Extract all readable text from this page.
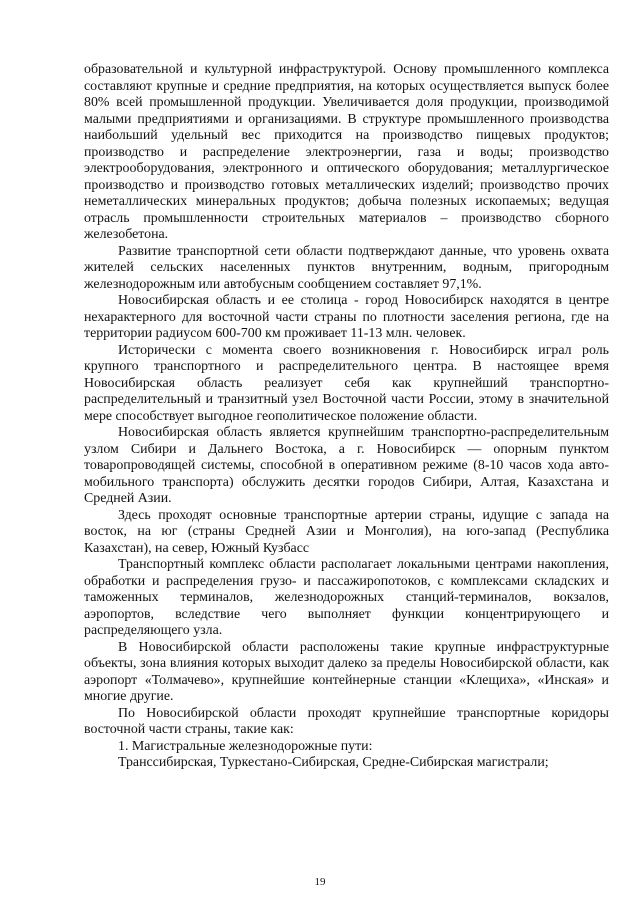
образовательной и культурной инфраструктурой. Основу промышленного комплекса составляют крупные и средние предприятия, на которых осуществляется выпуск более 80% всей промышленной продукции. Увеличивается доля продукции, производимой малыми предприятиями и организациями. В структуре промышленного производства наибольший удельный вес приходится на производство пищевых продуктов; производство и распределение электроэнергии, газа и воды; производство электрооборудования, электронного и оптического оборудования; металлургическое производство и производство готовых металлических изделий; производство прочих неметаллических минеральных продуктов; добыча полезных ископаемых; ведущая отрасль промышленности строительных материалов – производство сборного железобетона.

Развитие транспортной сети области подтверждают данные, что уровень охвата жителей сельских населенных пунктов внутренним, водным, пригородным железнодорожным или автобусным сообщением составляет 97,1%.

Новосибирская область и ее столица - город Новосибирск находятся в центре нехарактерного для восточной части страны по плотности заселения региона, где на территории радиусом 600-700 км проживает 11-13 млн. человек.

Исторически с момента своего возникновения г. Новосибирск играл роль крупного транспортного и распределительного центра. В настоящее время Новосибирская область реализует себя как крупнейший транспортно-распределительный и транзитный узел Восточной части России, этому в значительной мере способствует выгодное геополитическое положение области.

Новосибирская область является крупнейшим транспортно-распределительным узлом Сибири и Дальнего Востока, а г. Новосибирск — опорным пунктом товаропроводящей системы, способной в оперативном режиме (8-10 часов хода авто-мобильного транспорта) обслужить десятки городов Сибири, Алтая, Казахстана и Средней Азии.

Здесь проходят основные транспортные артерии страны, идущие с запада на восток, на юг (страны Средней Азии и Монголия), на юго-запад (Республика Казахстан), на север, Южный Кузбасс

Транспортный комплекс области располагает локальными центрами накопления, обработки и распределения грузо- и пассажиропотоков, с комплексами складских и таможенных терминалов, железнодорожных станций-терминалов, вокзалов, аэропортов, вследствие чего выполняет функции концентрирующего и распределяющего узла.

В Новосибирской области расположены такие крупные инфраструктурные объекты, зона влияния которых выходит далеко за пределы Новосибирской области, как аэропорт «Толмачево», крупнейшие контейнерные станции «Клещиха», «Инская» и многие другие.

По Новосибирской области проходят крупнейшие транспортные коридоры восточной части страны, такие как:

1. Магистральные железнодорожные пути:

Транссибирская, Туркестано-Сибирская, Средне-Сибирская магистрали;

19
